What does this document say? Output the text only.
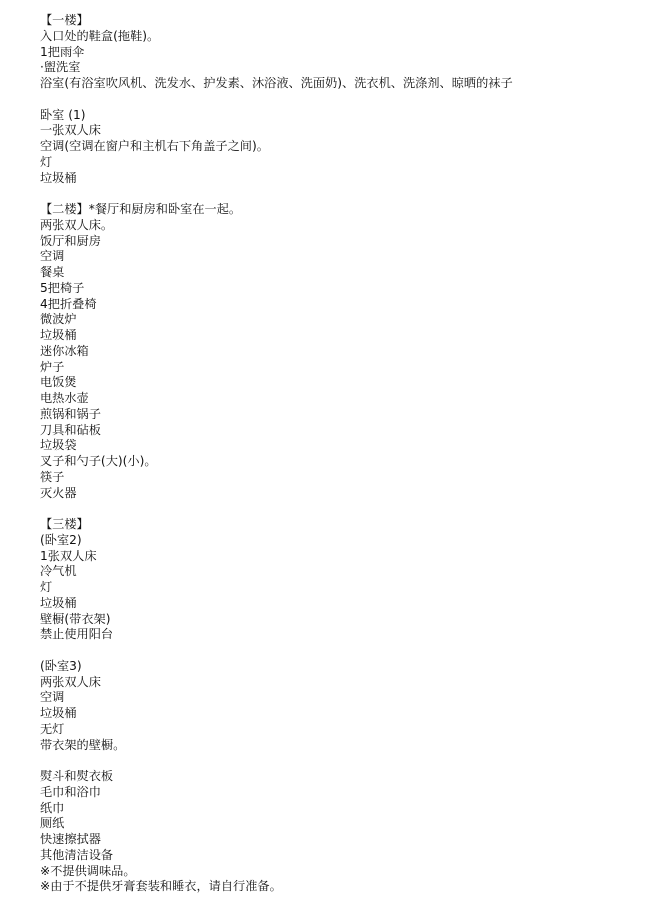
【一楼】
入口处的鞋盒(拖鞋)。
1把雨伞
·盥洗室
浴室(有浴室吹风机、洗发水、护发素、沐浴液、洗面奶)、洗衣机、洗涤剂、晾晒的袜子
卧室 (1)
一张双人床
空调(空调在窗户和主机右下角盖子之间)。
灯
垃圾桶
【二楼】*餐厅和厨房和卧室在一起。
两张双人床。
饭厅和厨房
空调
餐桌
5把椅子
4把折叠椅
微波炉
垃圾桶
迷你冰箱
炉子
电饭煲
电热水壶
煎锅和锅子
刀具和砧板
垃圾袋
叉子和勺子(大)(小)。
筷子
灭火器
【三楼】
(卧室2)
1张双人床
冷气机
灯
垃圾桶
壁橱(带衣架)
禁止使用阳台
(卧室3)
两张双人床
空调
垃圾桶
无灯
带衣架的壁橱。
熨斗和熨衣板
毛巾和浴巾
纸巾
厕纸
快速擦拭器
其他清洁设备
※不提供调味品。
※由于不提供牙膏套装和睡衣，请自行准备。
